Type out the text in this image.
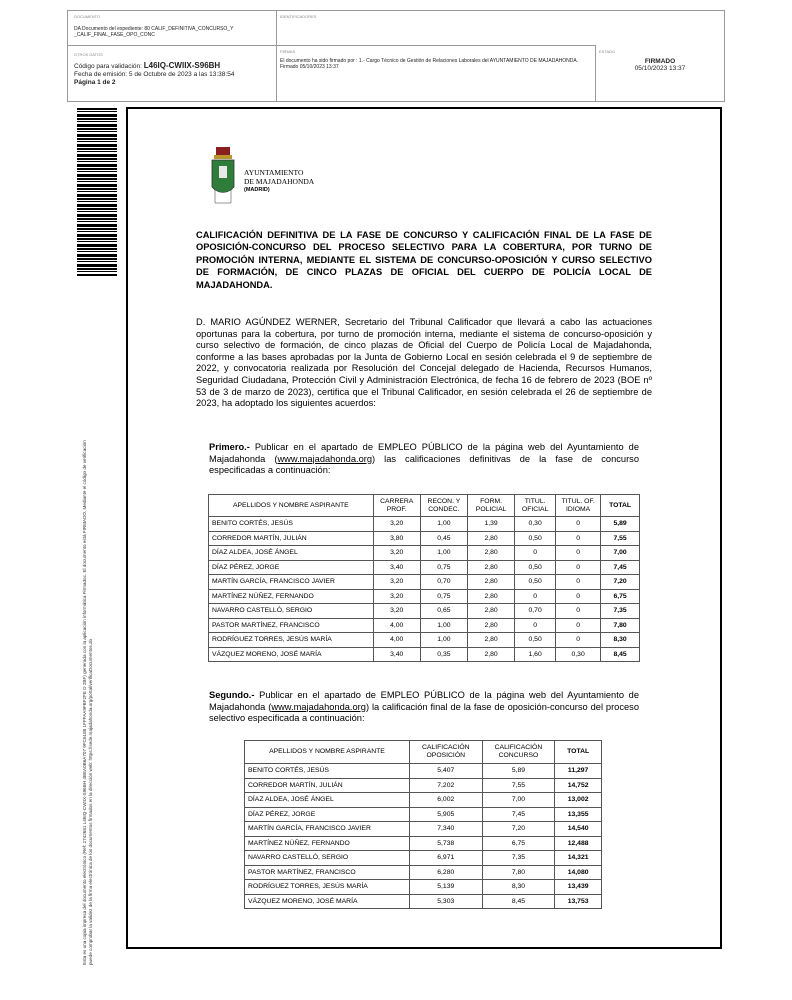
DOCUMENTO
DA Documento del expediente: 80 CALIF_DEFINITIVA_CONCURSO_Y _CALIF_FINAL_FASE_OPO_CONC
IDENTIFICADORES
OTROS DATOS
Código para validación: L46IQ-CWIIX-S96BH
Fecha de emisión: 5 de Octubre de 2023 a las 13:38:54
Página 1 de 2
FIRMAS
El documento ha sido firmado por : 1.- Cargo Técnico de Gestión de Relaciones Laborales del AYUNTAMIENTO DE MAJADAHONDA. Firmado 05/10/2023 13:37
ESTADO
FIRMADO
05/10/2023 13:37
Esta es una copia impresa del documento electrónico (Ref: 2742681 L46IQ-CWIIX-S96BH 4BEA0B6A707 9FC6188 1FFFAA9FBF2FE D 2BF) generada con la aplicación informática Firmadoc. El documento está FIRMADO. Mediante el código de verificación puede comprobar la validez de la firma electrónica de los documentos firmados en la dirección web: https://sede.majadahonda.org/portal/verificaDocumentos.do
AYUNTAMIENTO
DE MAJADAHONDA
(MADRID)
CALIFICACIÓN DEFINITIVA DE LA FASE DE CONCURSO Y CALIFICACIÓN FINAL DE LA FASE DE OPOSICIÓN-CONCURSO DEL PROCESO SELECTIVO PARA LA COBERTURA, POR TURNO DE PROMOCIÓN INTERNA, MEDIANTE EL SISTEMA DE CONCURSO-OPOSICIÓN Y CURSO SELECTIVO DE FORMACIÓN, DE CINCO PLAZAS DE OFICIAL DEL CUERPO DE POLICÍA LOCAL DE MAJADAHONDA.
D. MARIO AGÚNDEZ WERNER, Secretario del Tribunal Calificador que llevará a cabo las actuaciones oportunas para la cobertura, por turno de promoción interna, mediante el sistema de concurso-oposición y curso selectivo de formación, de cinco plazas de Oficial del Cuerpo de Policía Local de Majadahonda, conforme a las bases aprobadas por la Junta de Gobierno Local en sesión celebrada el 9 de septiembre de 2022, y convocatoria realizada por Resolución del Concejal delegado de Hacienda, Recursos Humanos, Seguridad Ciudadana, Protección Civil y Administración Electrónica, de fecha 16 de febrero de 2023 (BOE nº 53 de 3 de marzo de 2023), certifica que el Tribunal Calificador, en sesión celebrada el 26 de septiembre de 2023, ha adoptado los siguientes acuerdos:
Primero.- Publicar en el apartado de EMPLEO PÚBLICO de la página web del Ayuntamiento de Majadahonda (www.majadahonda.org) las calificaciones definitivas de la fase de concurso especificadas a continuación:
APELLIDOS Y NOMBRE ASPIRANTE	CARRERA PROF.	RECON. Y CONDEC.	FORM. POLICIAL	TITUL. OFICIAL	TITUL. OF. IDIOMA	TOTAL
BENITO CORTÉS, JESÚS	3,20	1,00	1,39	0,30	0	5,89
CORREDOR MARTÍN, JULIÁN	3,80	0,45	2,80	0,50	0	7,55
DÍAZ ALDEA, JOSÉ ÁNGEL	3,20	1,00	2,80	0	0	7,00
DÍAZ PÉREZ, JORGE	3,40	0,75	2,80	0,50	0	7,45
MARTÍN GARCÍA, FRANCISCO JAVIER	3,20	0,70	2,80	0,50	0	7,20
MARTÍNEZ NÚÑEZ, FERNANDO	3,20	0,75	2,80	0	0	6,75
NAVARRO CASTELLÓ, SERGIO	3,20	0,65	2,80	0,70	0	7,35
PASTOR MARTÍNEZ, FRANCISCO	4,00	1,00	2,80	0	0	7,80
RODRÍGUEZ TORRES, JESÚS MARÍA	4,00	1,00	2,80	0,50	0	8,30
VÁZQUEZ MORENO, JOSÉ MARÍA	3,40	0,35	2,80	1,60	0,30	8,45
Segundo.- Publicar en el apartado de EMPLEO PÚBLICO de la página web del Ayuntamiento de Majadahonda (www.majadahonda.org) la calificación final de la fase de oposición-concurso del proceso selectivo especificada a continuación:
APELLIDOS Y NOMBRE ASPIRANTE	CALIFICACIÓN OPOSICIÓN	CALIFICACIÓN CONCURSO	TOTAL
BENITO CORTÉS, JESÚS	5,407	5,89	11,297
CORREDOR MARTÍN, JULIÁN	7,202	7,55	14,752
DÍAZ ALDEA, JOSÉ ÁNGEL	6,002	7,00	13,002
DÍAZ PÉREZ, JORGE	5,905	7,45	13,355
MARTÍN GARCÍA, FRANCISCO JAVIER	7,340	7,20	14,540
MARTÍNEZ NÚÑEZ, FERNANDO	5,738	6,75	12,488
NAVARRO CASTELLÓ, SERGIO	6,971	7,35	14,321
PASTOR MARTÍNEZ, FRANCISCO	6,280	7,80	14,080
RODRÍGUEZ TORRES, JESÚS MARÍA	5,139	8,30	13,439
VÁZQUEZ MORENO, JOSÉ MARÍA	5,303	8,45	13,753
